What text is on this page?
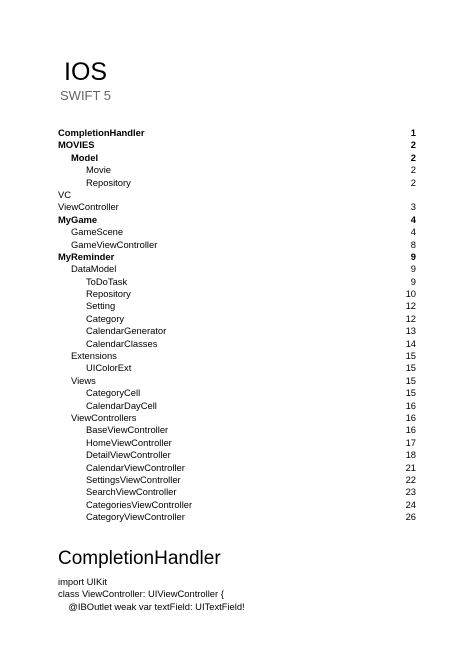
IOS
SWIFT 5
CompletionHandler	1
MOVIES	2
Model	2
Movie	2
Repository	2
VC
ViewController	3
MyGame	4
GameScene	4
GameViewController	8
MyReminder	9
DataModel	9
ToDoTask	9
Repository	10
Setting	12
Category	12
CalendarGenerator	13
CalendarClasses	14
Extensions	15
UIColorExt	15
Views	15
CategoryCell	15
CalendarDayCell	16
ViewControllers	16
BaseViewController	16
HomeViewController	17
DetailViewController	18
CalendarViewController	21
SettingsViewController	22
SearchViewController	23
CategoriesViewController	24
CategoryViewController	26
CompletionHandler
import UIKit
class ViewController: UIViewController {
@IBOutlet weak var textField: UITextField!
